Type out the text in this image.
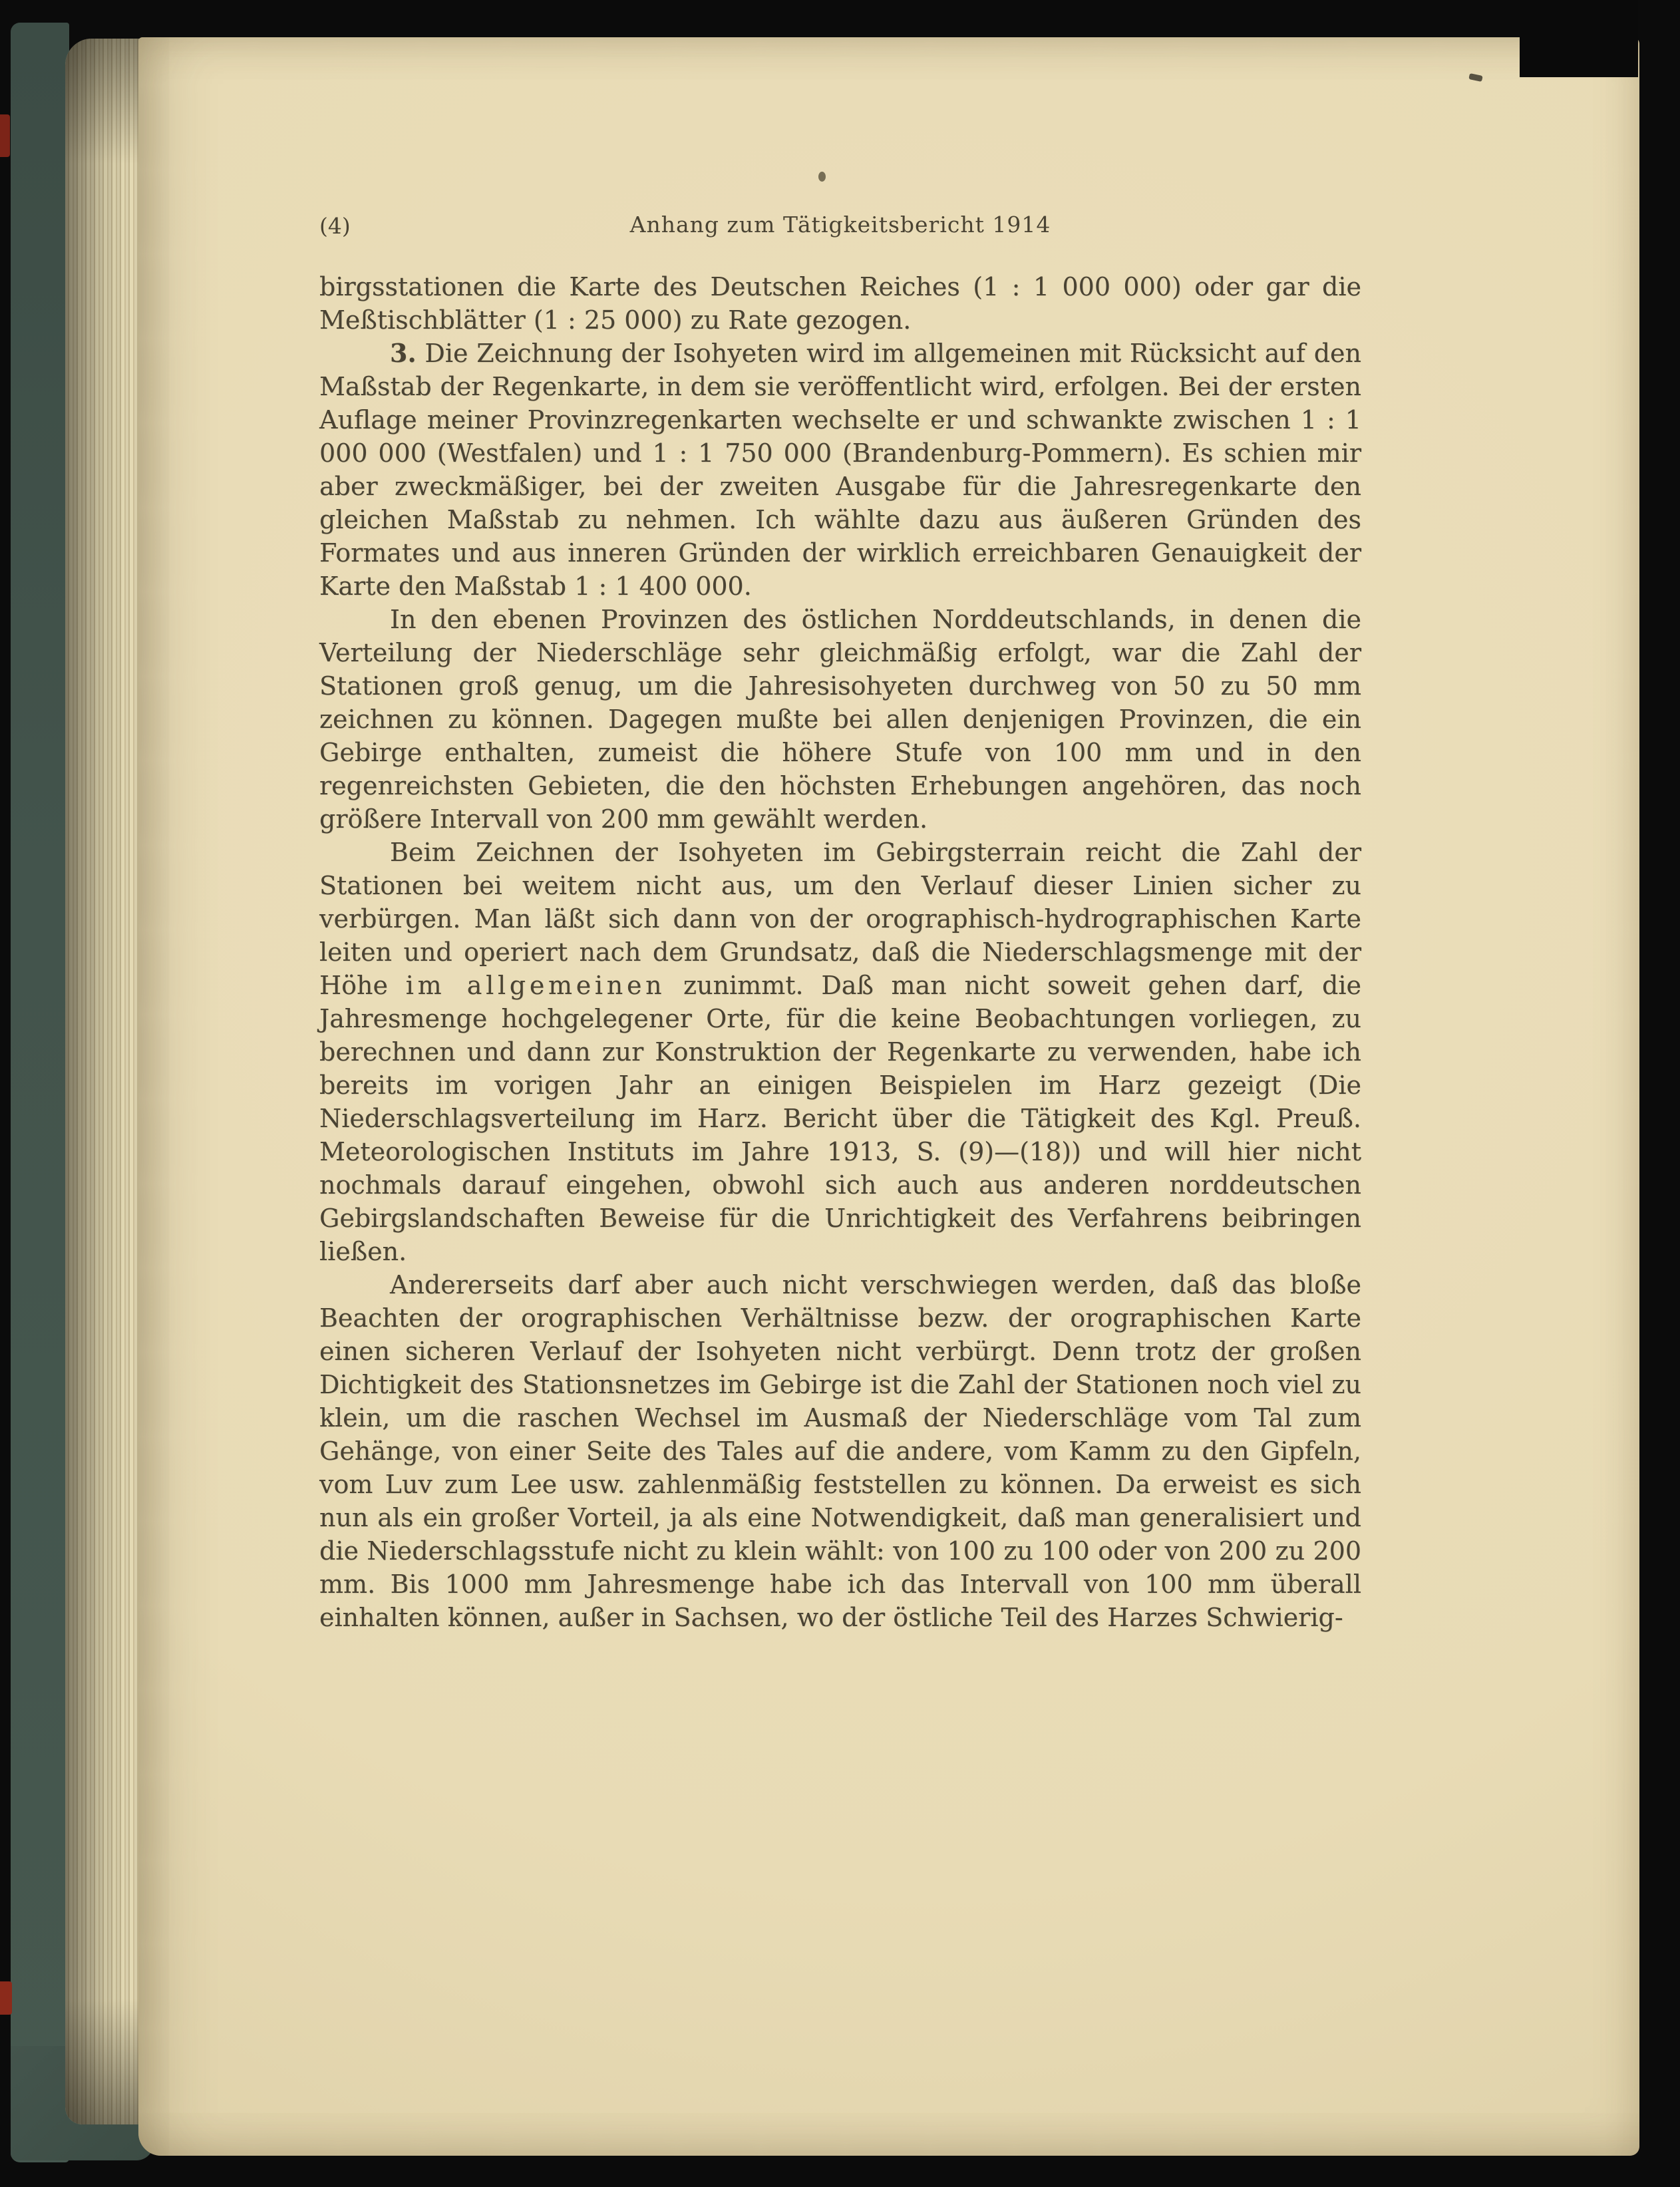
(4)	Anhang zum Tätigkeitsbericht 1914

birgsstationen die Karte des Deutschen Reiches (1 : 1 000 000) oder gar die Meßtischblätter (1 : 25 000) zu Rate gezogen.

3. Die Zeichnung der Isohyeten wird im allgemeinen mit Rücksicht auf den Maßstab der Regenkarte, in dem sie veröffentlicht wird, erfolgen. Bei der ersten Auflage meiner Provinzregenkarten wechselte er und schwankte zwischen 1 : 1 000 000 (Westfalen) und 1 : 1 750 000 (Brandenburg-Pommern). Es schien mir aber zweckmäßiger, bei der zweiten Ausgabe für die Jahresregenkarte den gleichen Maßstab zu nehmen. Ich wählte dazu aus äußeren Gründen des Formates und aus inneren Gründen der wirklich erreichbaren Genauigkeit der Karte den Maßstab 1 : 1 400 000.

In den ebenen Provinzen des östlichen Norddeutschlands, in denen die Verteilung der Niederschläge sehr gleichmäßig erfolgt, war die Zahl der Stationen groß genug, um die Jahresisohyeten durchweg von 50 zu 50 mm zeichnen zu können. Dagegen mußte bei allen denjenigen Provinzen, die ein Gebirge enthalten, zumeist die höhere Stufe von 100 mm und in den regenreichsten Gebieten, die den höchsten Erhebungen angehören, das noch größere Intervall von 200 mm gewählt werden.

Beim Zeichnen der Isohyeten im Gebirgsterrain reicht die Zahl der Stationen bei weitem nicht aus, um den Verlauf dieser Linien sicher zu verbürgen. Man läßt sich dann von der orographisch-hydrographischen Karte leiten und operiert nach dem Grundsatz, daß die Niederschlagsmenge mit der Höhe im allgemeinen zunimmt. Daß man nicht soweit gehen darf, die Jahresmenge hochgelegener Orte, für die keine Beobachtungen vorliegen, zu berechnen und dann zur Konstruktion der Regenkarte zu verwenden, habe ich bereits im vorigen Jahr an einigen Beispielen im Harz gezeigt (Die Niederschlagsverteilung im Harz. Bericht über die Tätigkeit des Kgl. Preuß. Meteorologischen Instituts im Jahre 1913, S. (9)—(18)) und will hier nicht nochmals darauf eingehen, obwohl sich auch aus anderen norddeutschen Gebirgslandschaften Beweise für die Unrichtigkeit des Verfahrens beibringen ließen.

Andererseits darf aber auch nicht verschwiegen werden, daß das bloße Beachten der orographischen Verhältnisse bezw. der orographischen Karte einen sicheren Verlauf der Isohyeten nicht verbürgt. Denn trotz der großen Dichtigkeit des Stationsnetzes im Gebirge ist die Zahl der Stationen noch viel zu klein, um die raschen Wechsel im Ausmaß der Niederschläge vom Tal zum Gehänge, von einer Seite des Tales auf die andere, vom Kamm zu den Gipfeln, vom Luv zum Lee usw. zahlenmäßig feststellen zu können. Da erweist es sich nun als ein großer Vorteil, ja als eine Notwendigkeit, daß man generalisiert und die Niederschlagsstufe nicht zu klein wählt: von 100 zu 100 oder von 200 zu 200 mm. Bis 1000 mm Jahresmenge habe ich das Intervall von 100 mm überall einhalten können, außer in Sachsen, wo der östliche Teil des Harzes Schwierig-
